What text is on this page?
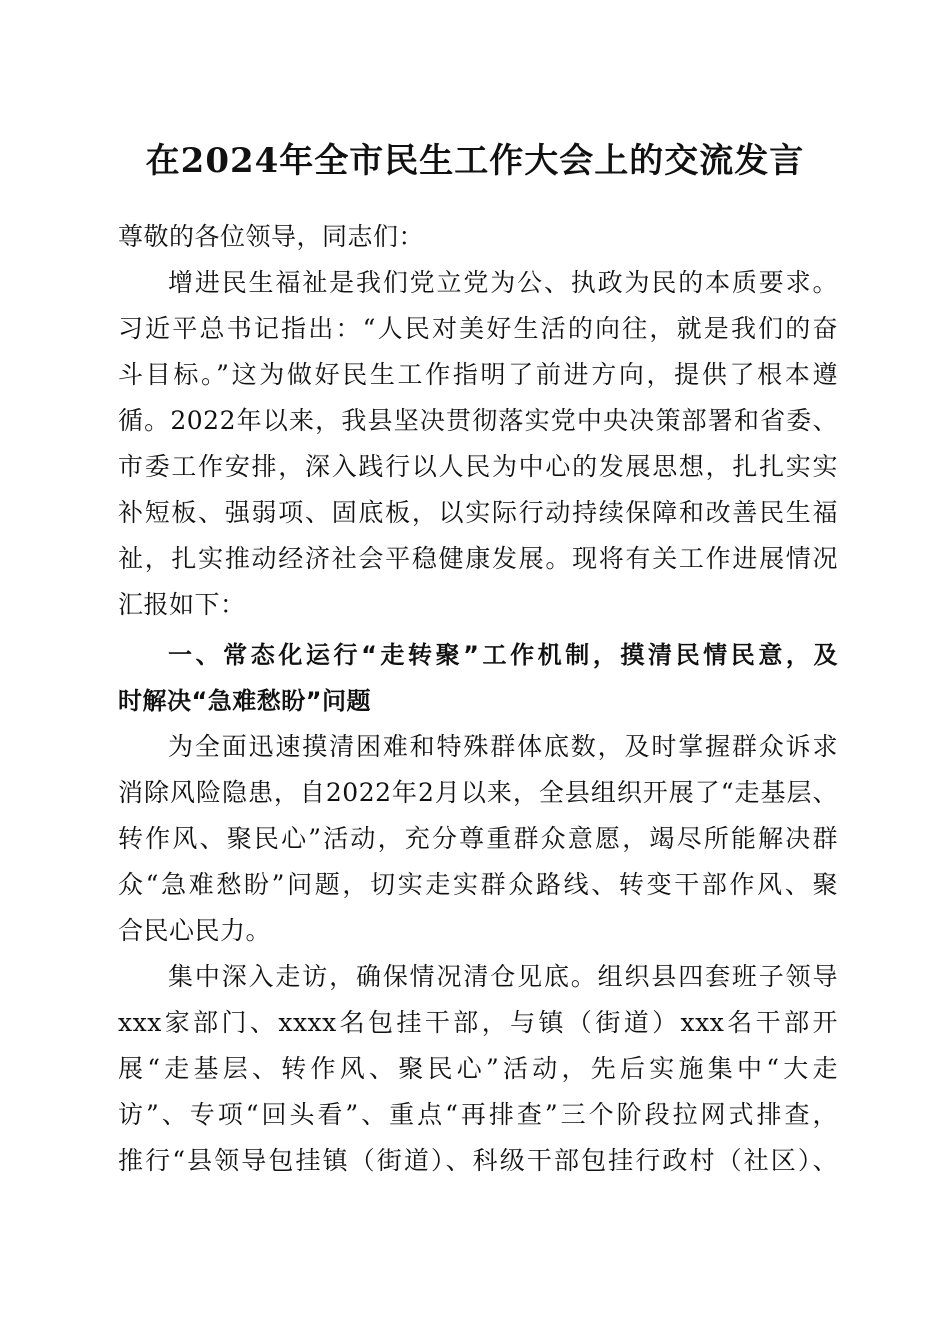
在2024年全市民生工作大会上的交流发言
尊敬的各位领导，同志们：
增进民生福祉是我们党立党为公、执政为民的本质要求。
习近平总书记指出：“人民对美好生活的向往，就是我们的奋
斗目标。”这为做好民生工作指明了前进方向，提供了根本遵
循。2022年以来，我县坚决贯彻落实党中央决策部署和省委、
市委工作安排，深入践行以人民为中心的发展思想，扎扎实实
补短板、强弱项、固底板，以实际行动持续保障和改善民生福
祉，扎实推动经济社会平稳健康发展。现将有关工作进展情况
汇报如下：
一、常态化运行“走转聚”工作机制，摸清民情民意，及
时解决“急难愁盼”问题
为全面迅速摸清困难和特殊群体底数，及时掌握群众诉求
消除风险隐患，自2022年2月以来，全县组织开展了“走基层、
转作风、聚民心”活动，充分尊重群众意愿，竭尽所能解决群
众“急难愁盼”问题，切实走实群众路线、转变干部作风、聚
合民心民力。
集中深入走访，确保情况清仓见底。组织县四套班子领导
xxx家部门、xxxx名包挂干部，与镇（街道）xxx名干部开
展“走基层、转作风、聚民心”活动，先后实施集中“大走
访”、专项“回头看”、重点“再排查”三个阶段拉网式排查，
推行“县领导包挂镇（街道）、科级干部包挂行政村（社区）、
